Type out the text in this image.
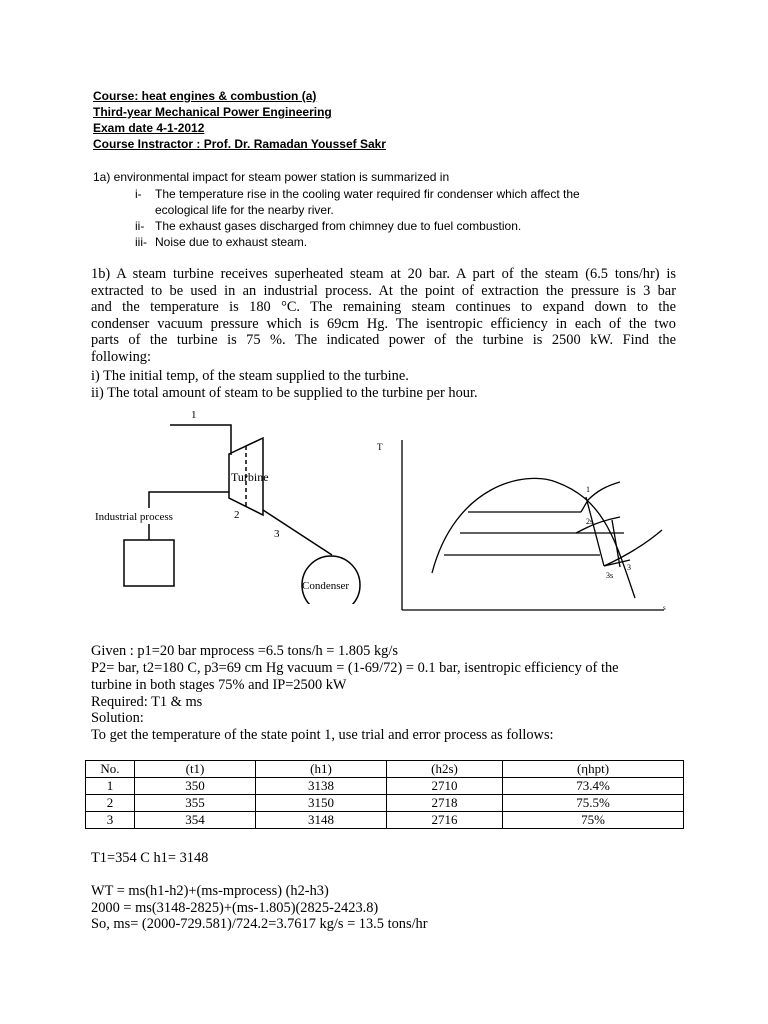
Course: heat engines & combustion (a)
Third-year Mechanical Power Engineering
Exam date 4-1-2012
Course Instractor : Prof. Dr. Ramadan Youssef Sakr
1a) environmental impact for steam power station is summarized in
i- The temperature rise in the cooling water required fir condenser which affect the
ecological life for the nearby river.
ii- The exhaust gases discharged from chimney due to fuel combustion.
iii- Noise due to exhaust steam.
1b) A steam turbine receives superheated steam at 20 bar. A part of the steam (6.5 tons/hr) is
extracted to be used in an industrial process. At the point of extraction the pressure is 3 bar
and the temperature is 180 °C. The remaining steam continues to expand down to the
condenser vacuum pressure which is 69cm Hg. The isentropic efficiency in each of the two
parts of the turbine is 75 %. The indicated power of the turbine is 2500 kW. Find the
following:
i) The initial temp, of the steam supplied to the turbine.
ii) The total amount of steam to be supplied to the turbine per hour.
1
Turbine
Industrial process	2
3
Condenser
T
s
1
2s
3
3s
Given : p1=20 bar mprocess =6.5 tons/h = 1.805 kg/s
P2= bar, t2=180 C, p3=69 cm Hg vacuum = (1-69/72) = 0.1 bar, isentropic efficiency of the
turbine in both stages 75% and IP=2500 kW
Required: T1 & ms
Solution:
To get the temperature of the state point 1, use trial and error process as follows:
No.	(t1)	(h1)	(h2s)	(ηhpt)
1	350	3138	2710	73.4%
2	355	3150	2718	75.5%
3	354	3148	2716	75%
T1=354 C h1= 3148
WT = ms(h1-h2)+(ms-mprocess) (h2-h3)
2000 = ms(3148-2825)+(ms-1.805)(2825-2423.8)
So, ms= (2000-729.581)/724.2=3.7617 kg/s = 13.5 tons/hr
